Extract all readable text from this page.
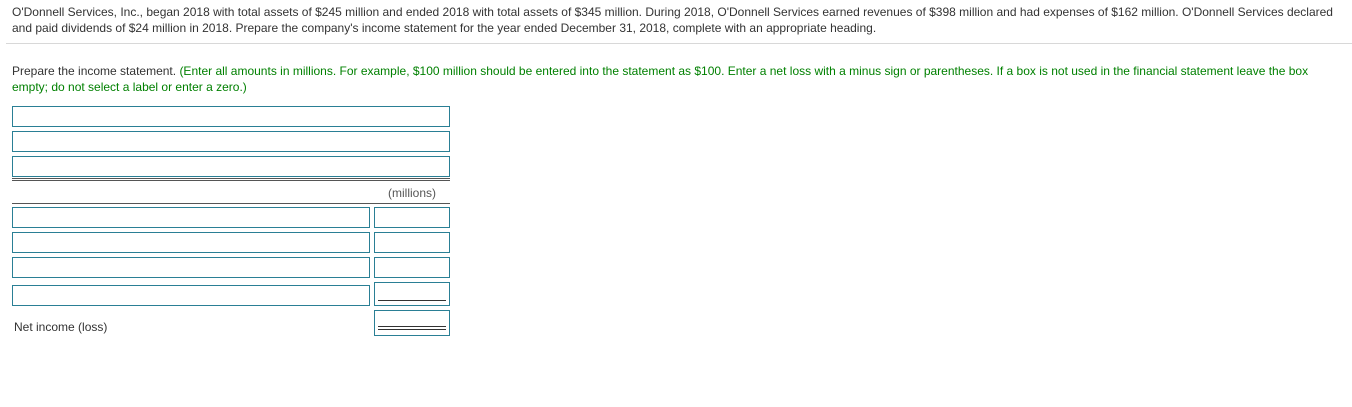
O'Donnell Services, Inc., began 2018 with total assets of $245 million and ended 2018 with total assets of $345 million. During 2018, O'Donnell Services earned revenues of $398 million and had expenses of $162 million. O'Donnell Services declared and paid dividends of $24 million in 2018. Prepare the company's income statement for the year ended December 31, 2018, complete with an appropriate heading.
Prepare the income statement. (Enter all amounts in millions. For example, $100 million should be entered into the statement as $100. Enter a net loss with a minus sign or parentheses. If a box is not used in the financial statement leave the box empty; do not select a label or enter a zero.)
(millions)
Net income (loss)
